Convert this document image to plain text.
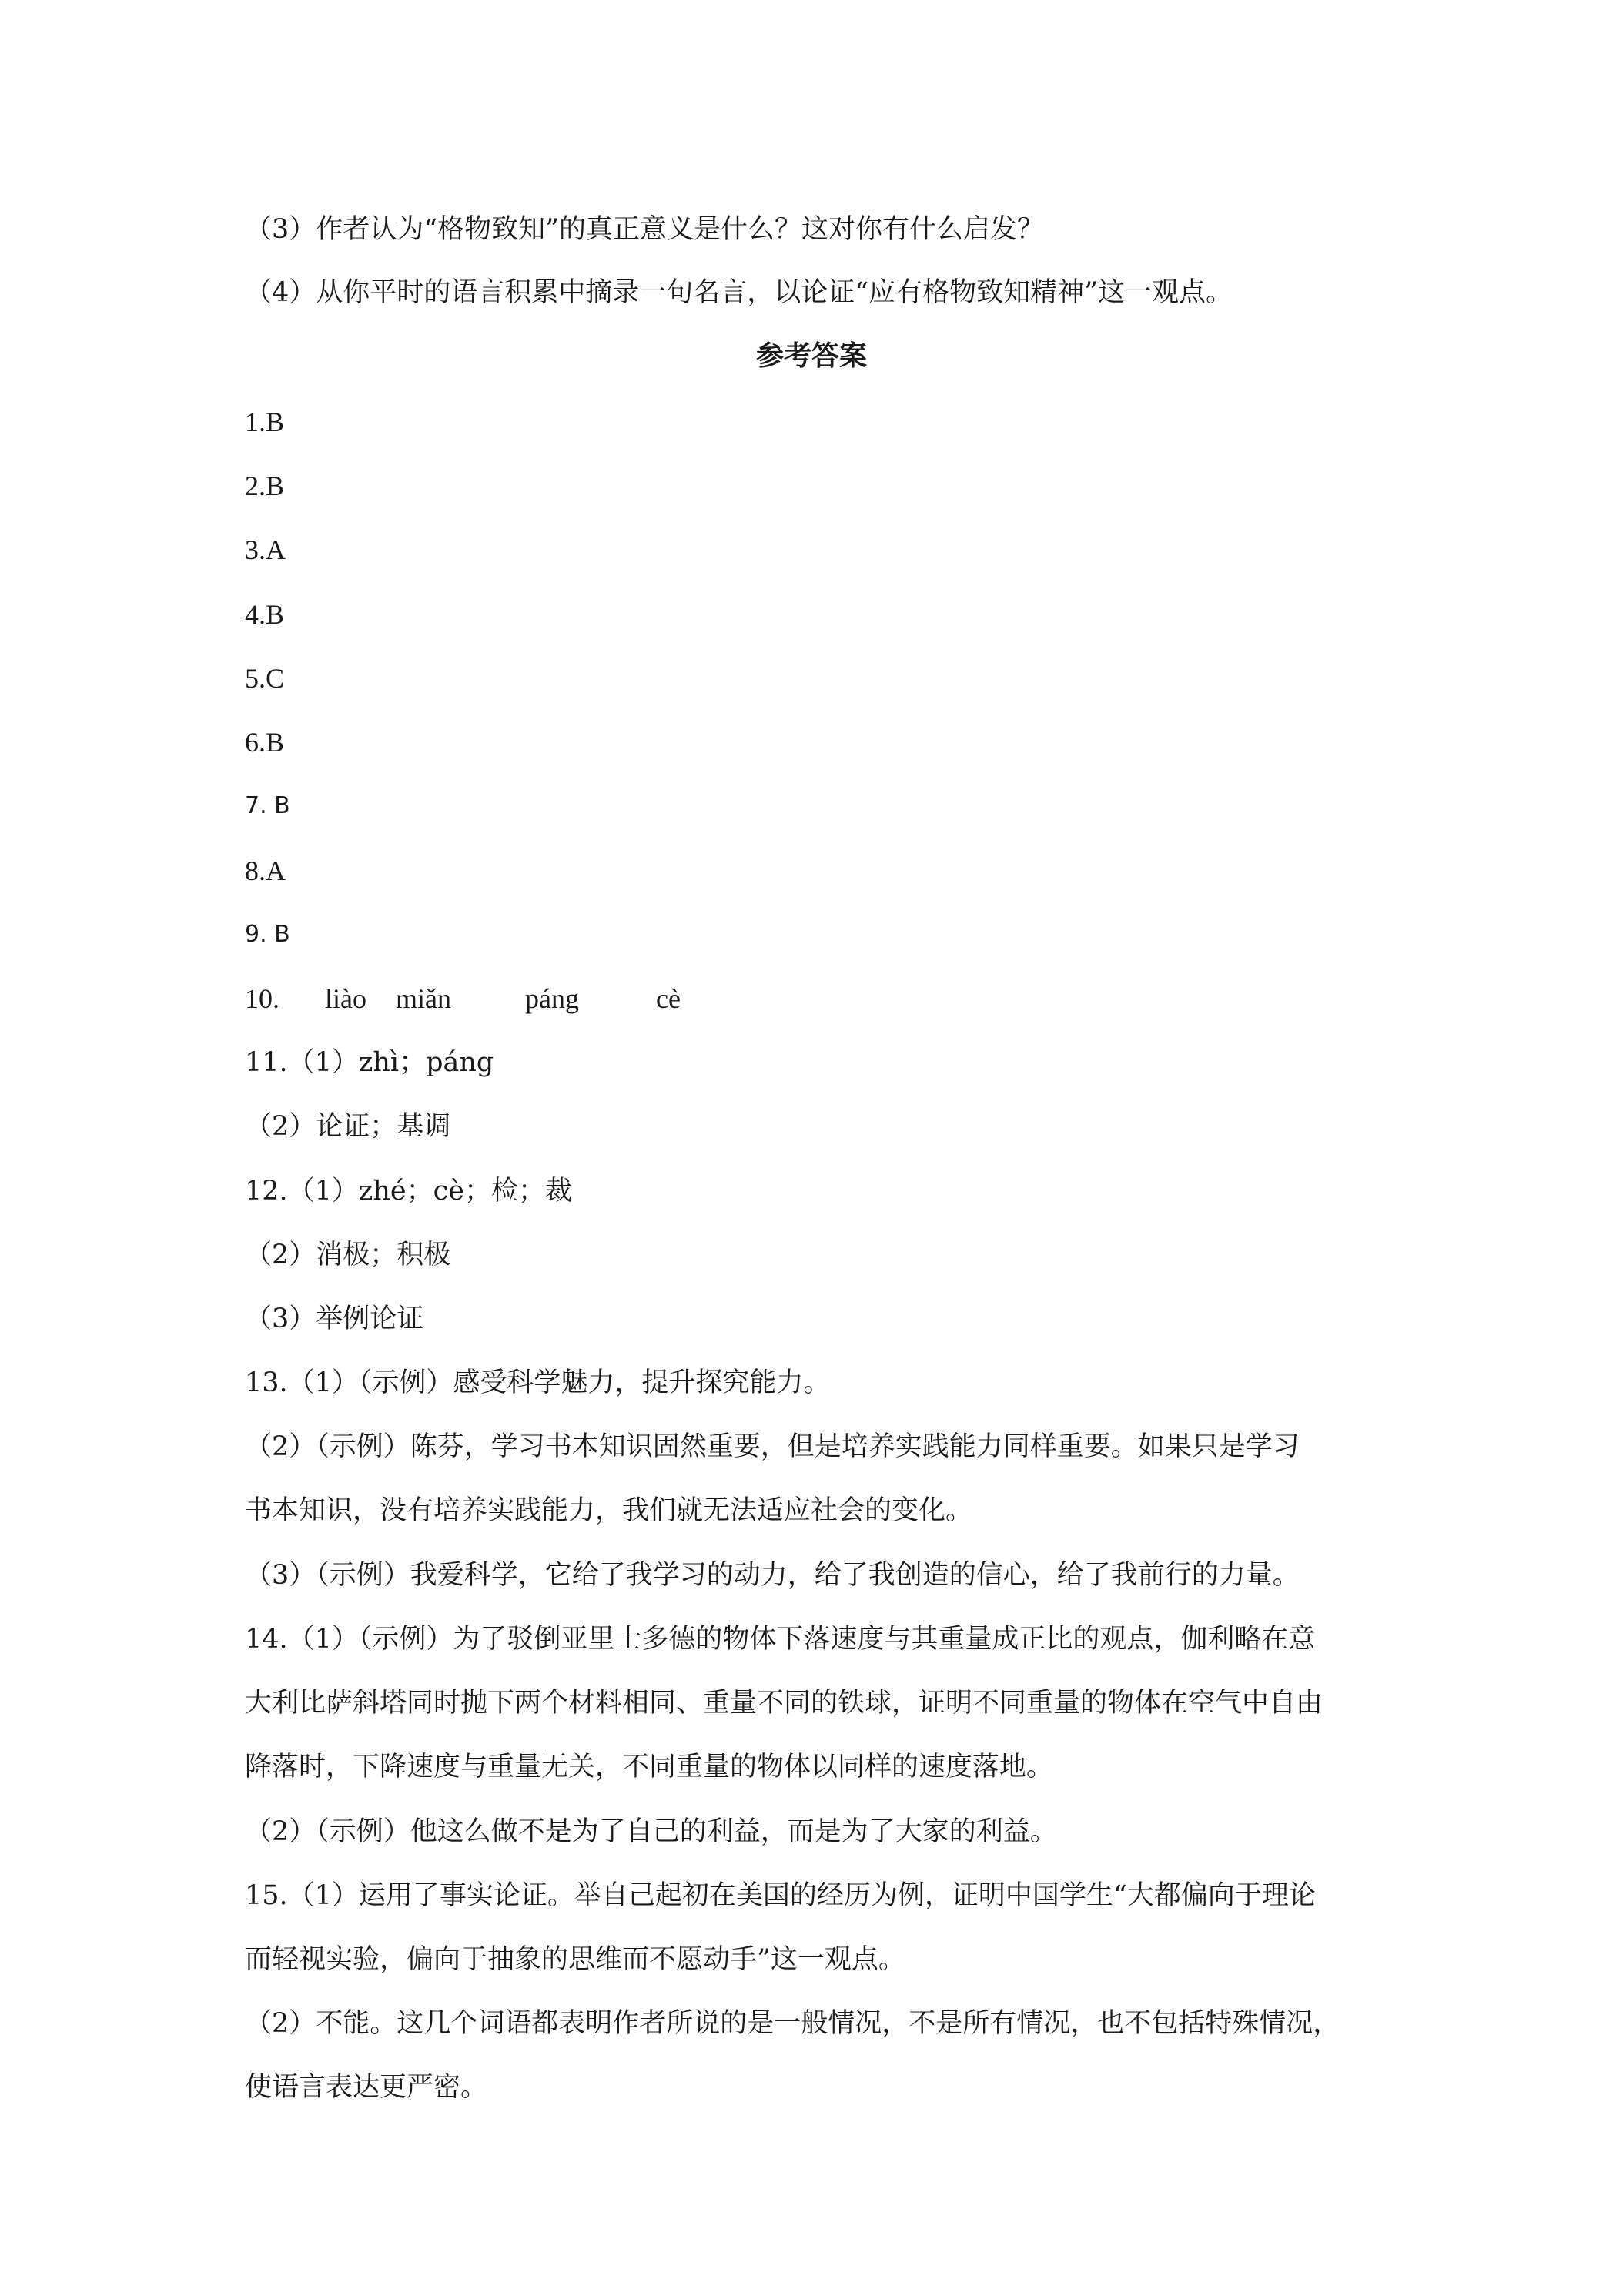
（3）作者认为“格物致知”的真正意义是什么？这对你有什么启发？
（4）从你平时的语言积累中摘录一句名言，以论证“应有格物致知精神”这一观点。
参考答案
1.B
2.B
3.A
4.B
5.C
6.B
7. B
8.A
9. B
10. liào miǎn	páng	cè
11.（1）zhì；páng
（2）论证；基调
12.（1）zhé；cè；检；裁
（2）消极；积极
（3）举例论证
13.（1）（示例）感受科学魅力，提升探究能力。
（2）（示例）陈芬，学习书本知识固然重要，但是培养实践能力同样重要。如果只是学习
书本知识，没有培养实践能力，我们就无法适应社会的变化。
（3）（示例）我爱科学，它给了我学习的动力，给了我创造的信心，给了我前行的力量。
14.（1）（示例）为了驳倒亚里士多德的物体下落速度与其重量成正比的观点，伽利略在意
大利比萨斜塔同时抛下两个材料相同、重量不同的铁球，证明不同重量的物体在空气中自由
降落时，下降速度与重量无关，不同重量的物体以同样的速度落地。
（2）（示例）他这么做不是为了自己的利益，而是为了大家的利益。
15.（1）运用了事实论证。举自己起初在美国的经历为例，证明中国学生“大都偏向于理论
而轻视实验，偏向于抽象的思维而不愿动手”这一观点。
（2）不能。这几个词语都表明作者所说的是一般情况，不是所有情况，也不包括特殊情况，
使语言表达更严密。
